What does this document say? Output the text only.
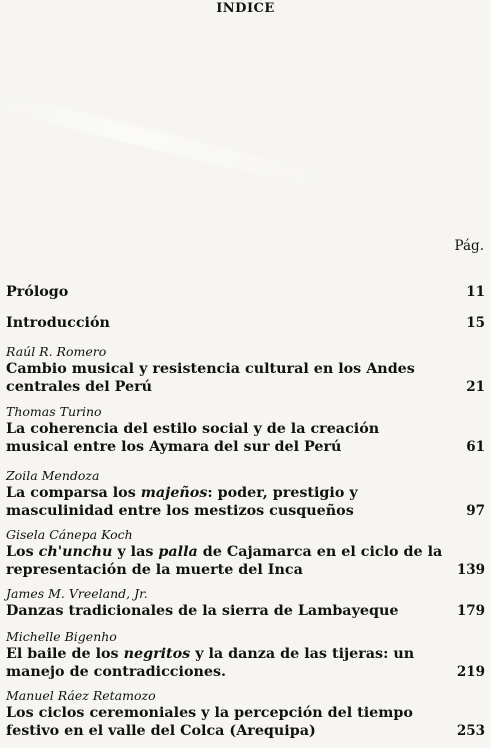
INDICE
Pág.
Prólogo	11
Introducción	15
Raúl R. Romero
Cambio musical y resistencia cultural en los Andes centrales del Perú	21
Thomas Turino
La coherencia del estilo social y de la creación musical entre los Aymara del sur del Perú	61
Zoila Mendoza
La comparsa los majeños: poder, prestigio y masculinidad entre los mestizos cusqueños	97
Gisela Cánepa Koch
Los ch'unchu y las palla de Cajamarca en el ciclo de la representación de la muerte del Inca	139
James M. Vreeland, Jr.
Danzas tradicionales de la sierra de Lambayeque	179
Michelle Bigenho
El baile de los negritos y la danza de las tijeras: un manejo de contradicciones.	219
Manuel Ráez Retamozo
Los ciclos ceremoniales y la percepción del tiempo festivo en el valle del Colca (Arequipa)	253
